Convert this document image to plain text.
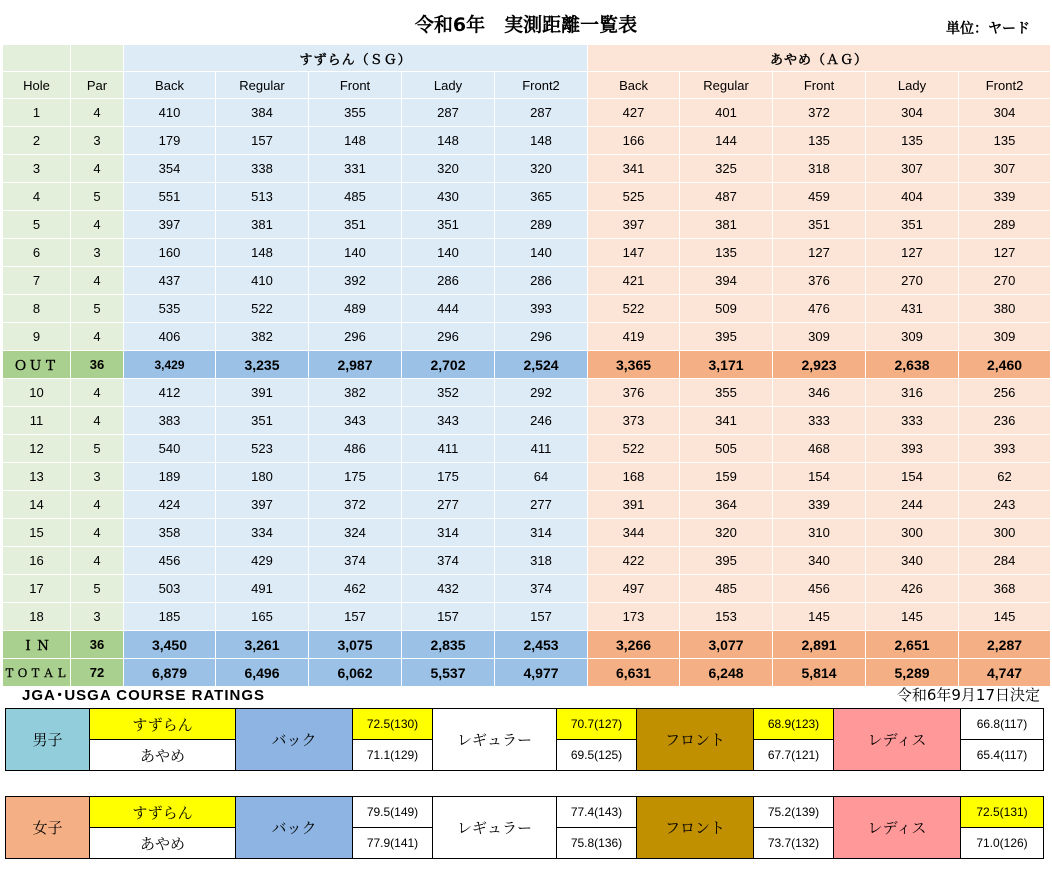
令和6年　実測距離一覧表	単位：ヤード
		すずらん（ＳＧ）					あやめ（ＡＧ）				
Hole	Par	Back	Regular	Front	Lady	Front2	Back	Regular	Front	Lady	Front2
1	4	410	384	355	287	287	427	401	372	304	304
2	3	179	157	148	148	148	166	144	135	135	135
3	4	354	338	331	320	320	341	325	318	307	307
4	5	551	513	485	430	365	525	487	459	404	339
5	4	397	381	351	351	289	397	381	351	351	289
6	3	160	148	140	140	140	147	135	127	127	127
7	4	437	410	392	286	286	421	394	376	270	270
8	5	535	522	489	444	393	522	509	476	431	380
9	4	406	382	296	296	296	419	395	309	309	309
ＯＵＴ	36	3,429	3,235	2,987	2,702	2,524	3,365	3,171	2,923	2,638	2,460
10	4	412	391	382	352	292	376	355	346	316	256
11	4	383	351	343	343	246	373	341	333	333	236
12	5	540	523	486	411	411	522	505	468	393	393
13	3	189	180	175	175	64	168	159	154	154	62
14	4	424	397	372	277	277	391	364	339	244	243
15	4	358	334	324	314	314	344	320	310	300	300
16	4	456	429	374	374	318	422	395	340	340	284
17	5	503	491	462	432	374	497	485	456	426	368
18	3	185	165	157	157	157	173	153	145	145	145
ＩＮ	36	3,450	3,261	3,075	2,835	2,453	3,266	3,077	2,891	2,651	2,287
ＴＯＴＡＬ	72	6,879	6,496	6,062	5,537	4,977	6,631	6,248	5,814	5,289	4,747
JGA･USGA COURSE RATINGS	令和6年9月17日決定
男子	すずらん	バック	72.5(130)	レギュラー	70.7(127)	フロント	68.9(123)	レディス	66.8(117)
	あやめ		71.1(129)		69.5(125)		67.7(121)		65.4(117)
女子	すずらん	バック	79.5(149)	レギュラー	77.4(143)	フロント	75.2(139)	レディス	72.5(131)
	あやめ		77.9(141)		75.8(136)		73.7(132)		71.0(126)
